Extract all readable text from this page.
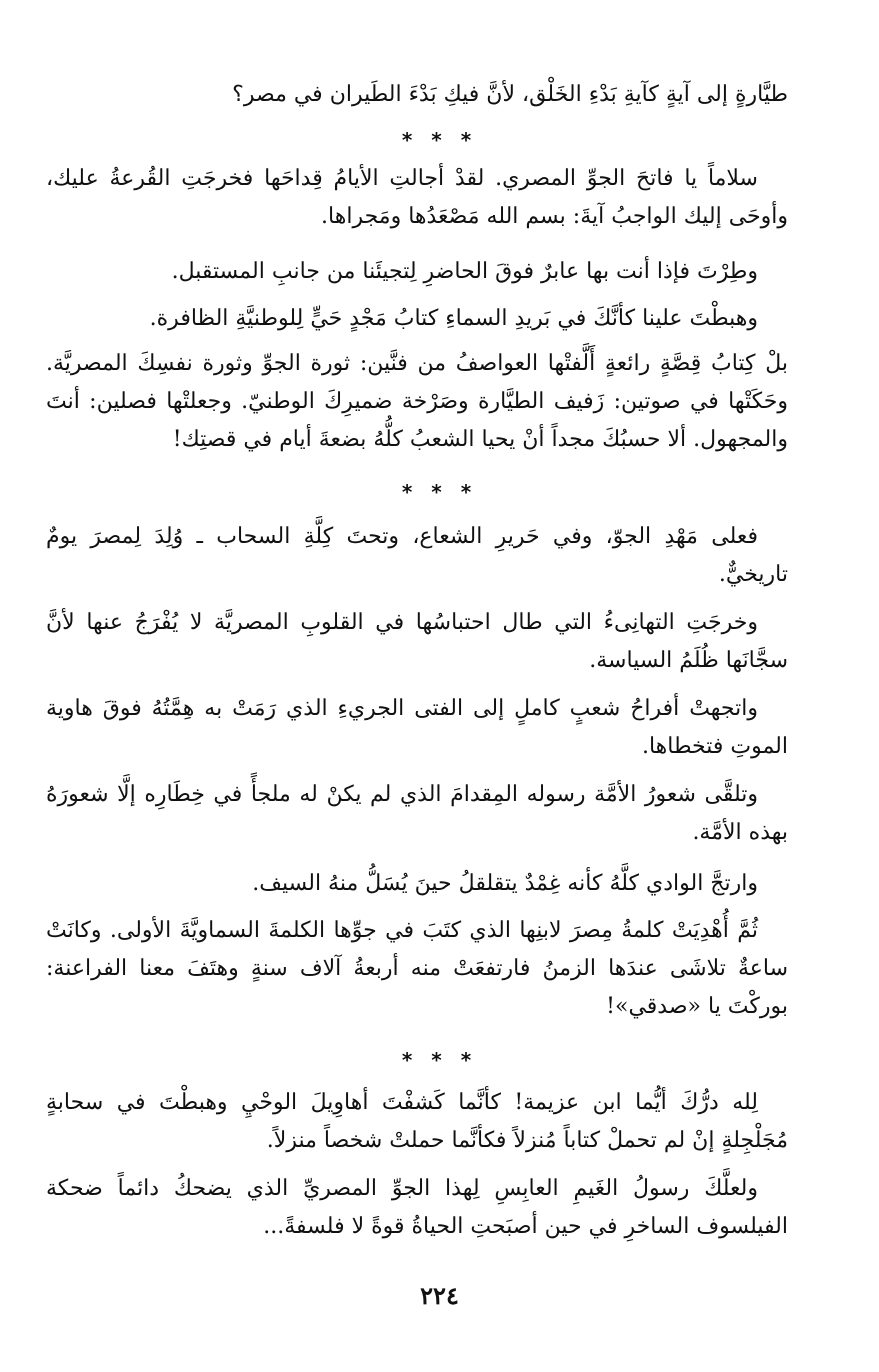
طيَّارةٍ إلى آيةٍ كآيةِ بَدْءِ الخَلْق، لأنَّ فيكِ بَدْءَ الطَيران في مصر؟

* * *

سلاماً يا فاتحَ الجوِّ المصري. لقدْ أجالتِ الأيامُ قِداحَها فخرجَتِ القُرعةُ عليك، وأوحَى إليك الواجبُ آيةَ: بسم الله مَصْعَدُها ومَجراها.

وطِرْتَ فإذا أنت بها عابرٌ فوقَ الحاضرِ لِتجيئَنا من جانبِ المستقبل.

وهبطْتَ علينا كأنَّكَ في بَريدِ السماءِ كتابُ مَجْدٍ حَيٍّ لِلوطنيَّةِ الظافرة.

بلْ كِتابُ قِصَّةٍ رائعةٍ أَلَّفتْها العواصفُ من فنَّين: ثورة الجوِّ وثورة نفسِكَ المصريَّة. وحَكَتْها في صوتين: زَفيف الطيَّارة وصَرْخة ضميرِكَ الوطنيّ. وجعلتْها فصلين: أنتَ والمجهول. ألا حسبُكَ مجداً أنْ يحيا الشعبُ كلُّهُ بضعةَ أيام في قصتِك!

* * *

فعلى مَهْدِ الجوّ، وفي حَريرِ الشعاع، وتحتَ كِلَّةِ السحاب ـ وُلِدَ لِمصرَ يومٌ تاريخيٌّ.

وخرجَتِ التهانِىءُ التي طال احتباسُها في القلوبِ المصريَّة لا يُفْرَجُ عنها لأنَّ سجَّانَها ظُلَمُ السياسة.

واتجهتْ أفراحُ شعبٍ كاملٍ إلى الفتى الجريءِ الذي رَمَتْ به هِمَّتُهُ فوقَ هاوية الموتِ فتخطاها.

وتلقَّى شعورُ الأمَّة رسوله المِقدامَ الذي لم يكنْ له ملجأً في خِطَارِه إلَّا شعورَهُ بهذه الأمَّة.

وارتجَّ الوادي كلَّهُ كأنه غِمْدٌ يتقلقلُ حينَ يُسَلُّ منهُ السيف.

ثُمَّ أُهْدِيَتْ كلمةُ مِصرَ لابنِها الذي كتَبَ في جوِّها الكلمةَ السماويَّةَ الأولى. وكانَتْ ساعةٌ تلاشَى عندَها الزمنُ فارتفعَتْ منه أربعةُ آلاف سنةٍ وهتَفَ معنا الفراعنة: بوركْتَ يا «صدقي»!

* * *

لِله درُّكَ أيُّما ابن عزيمة! كأنَّما كَشفْتَ أهاوِيلَ الوحْيِ وهبطْتَ في سحابةٍ مُجَلْجِلةٍ إنْ لم تحملْ كتاباً مُنزلاً فكأنَّما حملتْ شخصاً منزلاً.

ولعلَّكَ رسولُ الغَيمِ العابِسِ لِهذا الجوِّ المصريِّ الذي يضحكُ دائماً ضحكة الفيلسوف الساخرِ في حين أصبَحتِ الحياةُ قوةً لا فلسفةً...

٢٢٤
